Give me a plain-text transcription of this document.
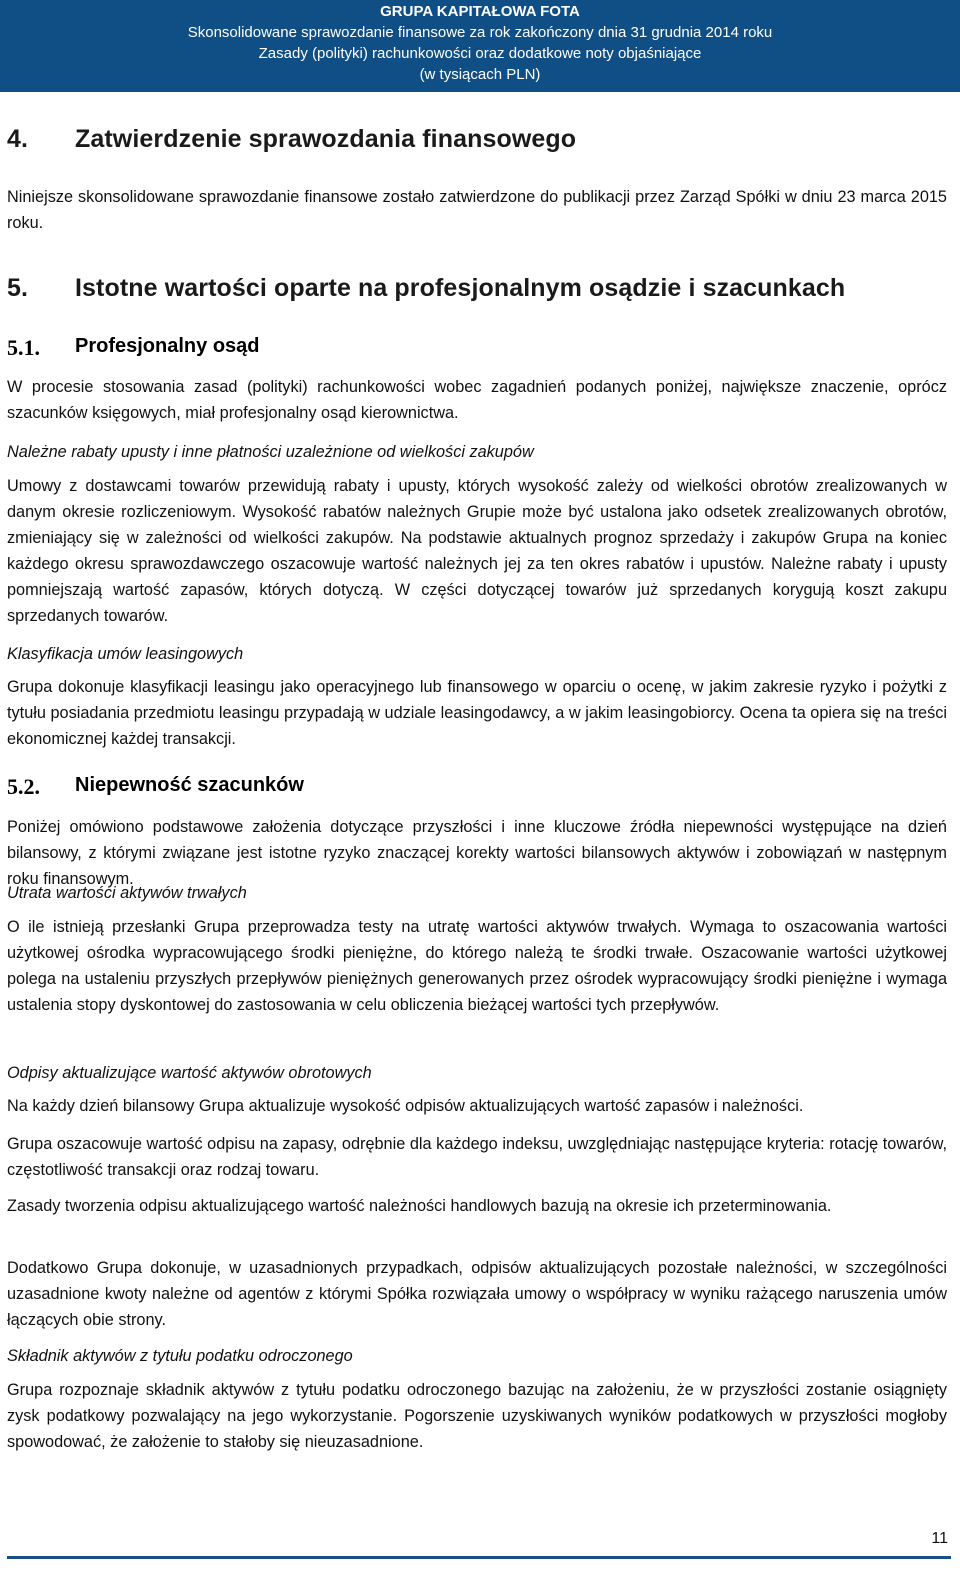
GRUPA KAPITAŁOWA FOTA
Skonsolidowane sprawozdanie finansowe za rok zakończony dnia 31 grudnia 2014 roku
Zasady (polityki) rachunkowości oraz dodatkowe noty objaśniające
(w tysiącach PLN)
4.	Zatwierdzenie sprawozdania finansowego

Niniejsze skonsolidowane sprawozdanie finansowe zostało zatwierdzone do publikacji przez Zarząd Spółki w dniu 23 marca 2015 roku.

5.	Istotne wartości oparte na profesjonalnym osądzie i szacunkach
5.1.	Profesjonalny osąd

W procesie stosowania zasad (polityki) rachunkowości wobec zagadnień podanych poniżej, największe znaczenie, oprócz szacunków księgowych, miał profesjonalny osąd kierownictwa.

Należne rabaty upusty i inne płatności uzależnione od wielkości zakupów

Umowy z dostawcami towarów przewidują rabaty i upusty, których wysokość zależy od wielkości obrotów zrealizowanych w danym okresie rozliczeniowym. Wysokość rabatów należnych Grupie może być ustalona jako odsetek zrealizowanych obrotów, zmieniający się w zależności od wielkości zakupów. Na podstawie aktualnych prognoz sprzedaży i zakupów Grupa na koniec każdego okresu sprawozdawczego oszacowuje wartość należnych jej za ten okres rabatów i upustów. Należne rabaty i upusty pomniejszają wartość zapasów, których dotyczą. W części dotyczącej towarów już sprzedanych korygują koszt zakupu sprzedanych towarów.

Klasyfikacja umów leasingowych

Grupa dokonuje klasyfikacji leasingu jako operacyjnego lub finansowego w oparciu o ocenę, w jakim zakresie ryzyko i pożytki z tytułu posiadania przedmiotu leasingu przypadają w udziale leasingodawcy, a w jakim leasingobiorcy. Ocena ta opiera się na treści ekonomicznej każdej transakcji.

5.2.	Niepewność szacunków

Poniżej omówiono podstawowe założenia dotyczące przyszłości i inne kluczowe źródła niepewności występujące na dzień bilansowy, z którymi związane jest istotne ryzyko znaczącej korekty wartości bilansowych aktywów i zobowiązań w następnym roku finansowym.

Utrata wartości aktywów trwałych

O ile istnieją przesłanki Grupa przeprowadza testy na utratę wartości aktywów trwałych. Wymaga to oszacowania wartości użytkowej ośrodka wypracowującego środki pieniężne, do którego należą te środki trwałe. Oszacowanie wartości użytkowej polega na ustaleniu przyszłych przepływów pieniężnych generowanych przez ośrodek wypracowujący środki pieniężne i wymaga ustalenia stopy dyskontowej do zastosowania w celu obliczenia bieżącej wartości tych przepływów.

Odpisy aktualizujące wartość aktywów obrotowych

Na każdy dzień bilansowy Grupa aktualizuje wysokość odpisów aktualizujących wartość zapasów i należności.

Grupa oszacowuje wartość odpisu na zapasy, odrębnie dla każdego indeksu, uwzględniając następujące kryteria: rotację towarów, częstotliwość transakcji oraz rodzaj towaru.

Zasady tworzenia odpisu aktualizującego wartość należności handlowych bazują na okresie ich przeterminowania.

Dodatkowo Grupa dokonuje, w uzasadnionych przypadkach, odpisów aktualizujących pozostałe należności, w szczególności uzasadnione kwoty należne od agentów z którymi Spółka rozwiązała umowy o współpracy w wyniku rażącego naruszenia umów łączących obie strony.

Składnik aktywów z tytułu podatku odroczonego

Grupa rozpoznaje składnik aktywów z tytułu podatku odroczonego bazując na założeniu, że w przyszłości zostanie osiągnięty zysk podatkowy pozwalający na jego wykorzystanie. Pogorszenie uzyskiwanych wyników podatkowych w przyszłości mogłoby spowodować, że założenie to stałoby się nieuzasadnione.

11
